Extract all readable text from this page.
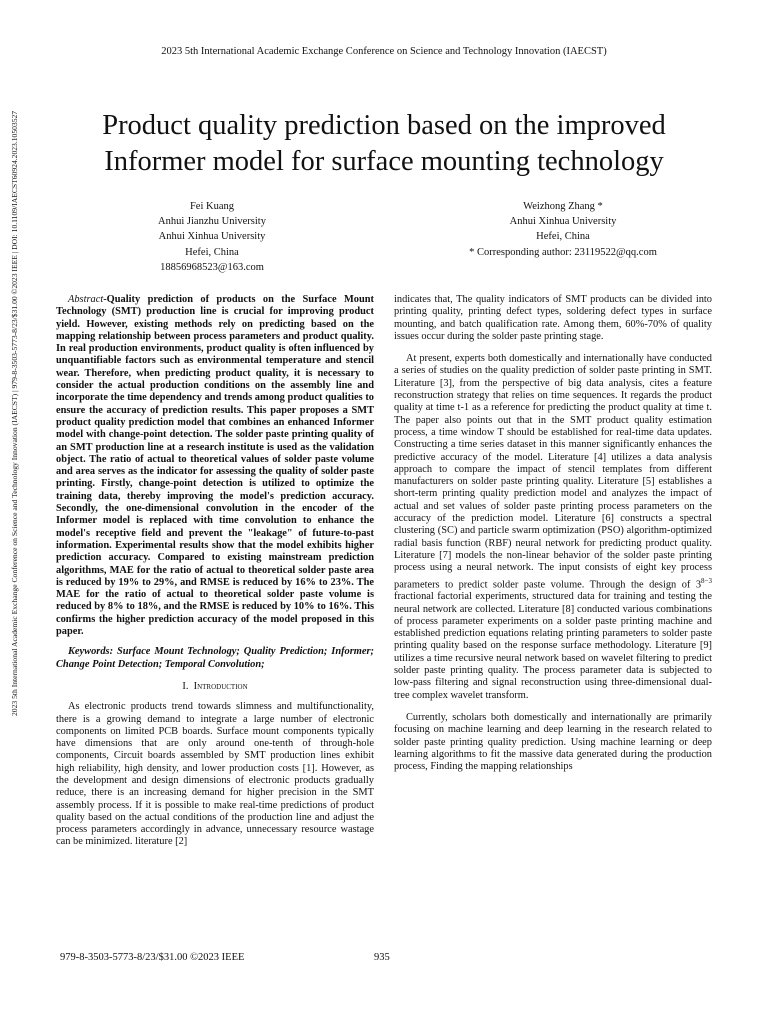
2023 5th International Academic Exchange Conference on Science and Technology Innovation (IAECST)
2023 5th International Academic Exchange Conference on Science and Technology Innovation (IAECST) | 979-8-3503-5773-8/23/$31.00 ©2023 IEEE | DOI: 10.1109/IAECST60924.2023.10503527	Product quality prediction based on the improved
Informer model for surface mounting technology
Fei Kuang
Anhui Jianzhu University
Anhui Xinhua University
Hefei, China
18856968523@163.com
Weizhong Zhang *
Anhui Xinhua University
Hefei, China
* Corresponding author: 23119522@qq.com

Abstract-Quality prediction of products on the Surface Mount Technology (SMT) production line is crucial for improving product yield. However, existing methods rely on predicting based on the mapping relationship between process parameters and product quality. In real production environments, product quality is often influenced by unquantifiable factors such as environmental temperature and stencil wear. Therefore, when predicting product quality, it is necessary to consider the actual production conditions on the assembly line and incorporate the time dependency and trends among product qualities to ensure the accuracy of prediction results. This paper proposes a SMT product quality prediction model that combines an enhanced Informer model with change-point detection. The solder paste printing quality of an SMT production line at a research institute is used as the validation object. The ratio of actual to theoretical values of solder paste volume and area serves as the indicator for assessing the quality of solder paste printing. Firstly, change-point detection is utilized to optimize the training data, thereby improving the model's prediction accuracy. Secondly, the one-dimensional convolution in the encoder of the Informer model is replaced with time convolution to enhance the model's receptive field and prevent the "leakage" of future-to-past information. Experimental results show that the model exhibits higher prediction accuracy. Compared to existing mainstream prediction algorithms, MAE for the ratio of actual to theoretical solder paste area is reduced by 19% to 29%, and RMSE is reduced by 16% to 23%. The MAE for the ratio of actual to theoretical solder paste volume is reduced by 8% to 18%, and the RMSE is reduced by 10% to 16%. This confirms the higher prediction accuracy of the model proposed in this paper.

Keywords: Surface Mount Technology; Quality Prediction; Informer; Change Point Detection; Temporal Convolution;

I. Introduction

As electronic products trend towards slimness and multifunctionality, there is a growing demand to integrate a large number of electronic components on limited PCB boards. Surface mount components typically have dimensions that are only around one-tenth of through-hole components, Circuit boards assembled by SMT production lines exhibit high reliability, high density, and lower production costs [1]. However, as the development and design dimensions of electronic products gradually reduce, there is an increasing demand for higher precision in the SMT assembly process. If it is possible to make real-time predictions of product quality based on the actual conditions of the production line and adjust the process parameters accordingly in advance, unnecessary resource wastage can be minimized. literature [2]

indicates that, The quality indicators of SMT products can be divided into printing quality, printing defect types, soldering defect types in surface mounting, and batch qualification rate. Among them, 60%-70% of quality issues occur during the solder paste printing stage.

At present, experts both domestically and internationally have conducted a series of studies on the quality prediction of solder paste printing in SMT. Literature [3], from the perspective of big data analysis, cites a feature reconstruction strategy that relies on time sequences. It regards the product quality at time t-1 as a reference for predicting the product quality at time t. The paper also points out that in the SMT product quality estimation process, a time window T should be established for real-time data updates. Constructing a time series dataset in this manner significantly enhances the predictive accuracy of the model. Literature [4] utilizes a data analysis approach to compare the impact of stencil templates from different manufacturers on solder paste printing quality. Literature [5] establishes a short-term printing quality prediction model and analyzes the impact of actual and set values of solder paste printing process parameters on the accuracy of the prediction model. Literature [6] constructs a spectral clustering (SC) and particle swarm optimization (PSO) algorithm-optimized radial basis function (RBF) neural network for predicting product quality. Literature [7] models the non-linear behavior of the solder paste printing process using a neural network. The input consists of eight key process parameters to predict solder paste volume. Through the design of $3^{8-3}$ fractional factorial experiments, structured data for training and testing the neural network are collected. Literature [8] conducted various combinations of process parameter experiments on a solder paste printing machine and established prediction equations relating printing parameters to solder paste printing quality based on the response surface methodology. Literature [9] utilizes a time recursive neural network based on wavelet filtering to predict solder paste printing quality. The process parameter data is subjected to low-pass filtering and signal reconstruction using three-dimensional dual-tree complex wavelet transform.

Currently, scholars both domestically and internationally are primarily focusing on machine learning and deep learning in the research related to solder paste printing quality prediction. Using machine learning or deep learning algorithms to fit the massive data generated during the production process, Finding the mapping relationships

979-8-3503-5773-8/23/$31.00 ©2023 IEEE	935
